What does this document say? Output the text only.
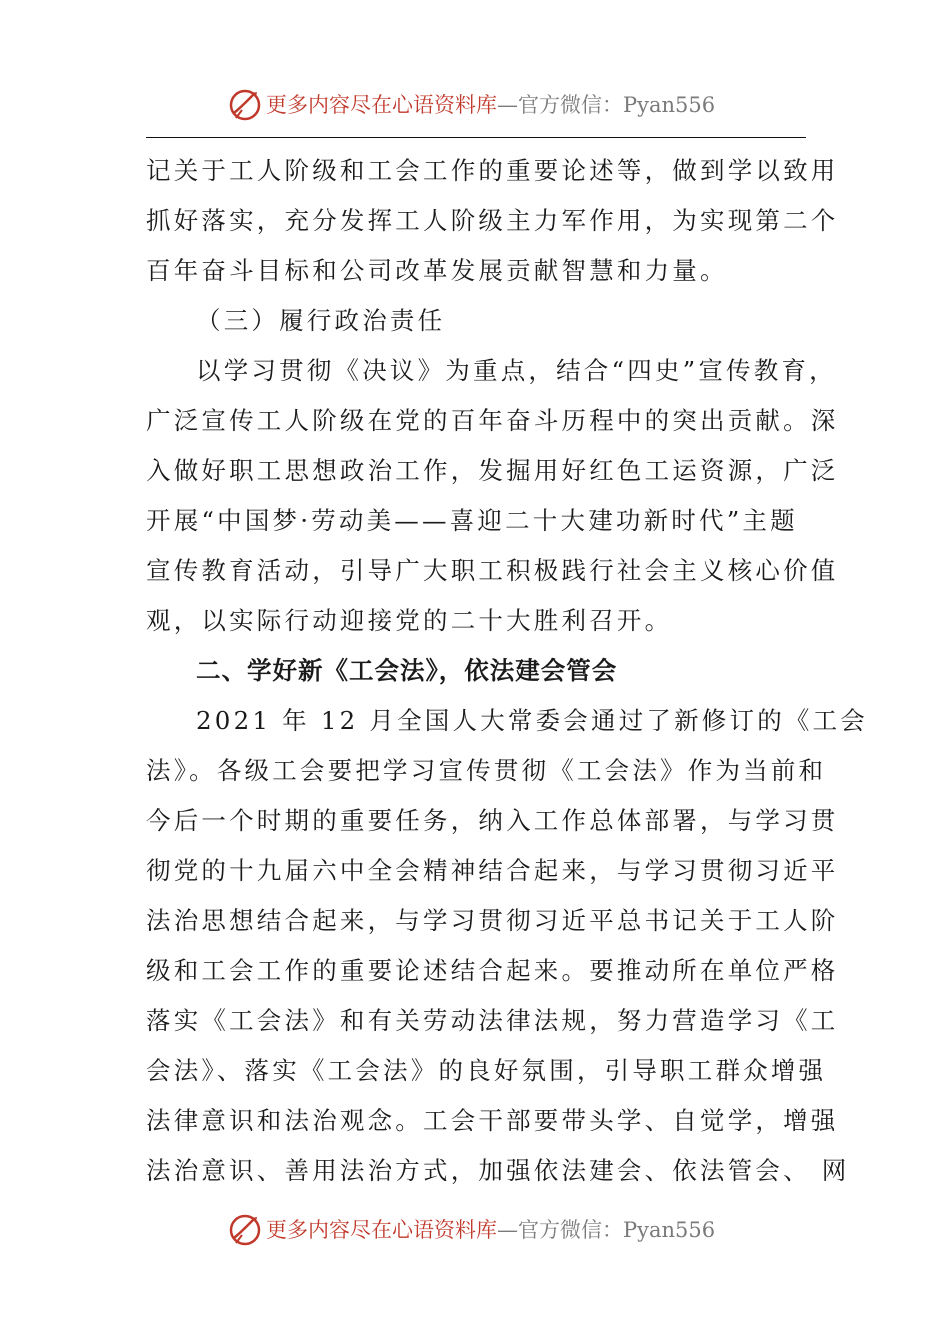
更多内容尽在心语资料库—官方微信：Pyan556
记关于工人阶级和工会工作的重要论述等，做到学以致用
抓好落实，充分发挥工人阶级主力军作用，为实现第二个
百年奋斗目标和公司改革发展贡献智慧和力量。
（三）履行政治责任
以学习贯彻《决议》为重点，结合“四史”宣传教育，
广泛宣传工人阶级在党的百年奋斗历程中的突出贡献。深
入做好职工思想政治工作，发掘用好红色工运资源，广泛
开展“中国梦·劳动美——喜迎二十大建功新时代”主题
宣传教育活动，引导广大职工积极践行社会主义核心价值
观，以实际行动迎接党的二十大胜利召开。
二、学好新《工会法》，依法建会管会
2021 年 12 月全国人大常委会通过了新修订的《工会
法》。各级工会要把学习宣传贯彻《工会法》作为当前和
今后一个时期的重要任务，纳入工作总体部署，与学习贯
彻党的十九届六中全会精神结合起来，与学习贯彻习近平
法治思想结合起来，与学习贯彻习近平总书记关于工人阶
级和工会工作的重要论述结合起来。要推动所在单位严格
落实《工会法》和有关劳动法律法规，努力营造学习《工
会法》、落实《工会法》的良好氛围，引导职工群众增强
法律意识和法治观念。工会干部要带头学、自觉学，增强
法治意识、善用法治方式，加强依法建会、依法管会、 网
更多内容尽在心语资料库—官方微信：Pyan556
